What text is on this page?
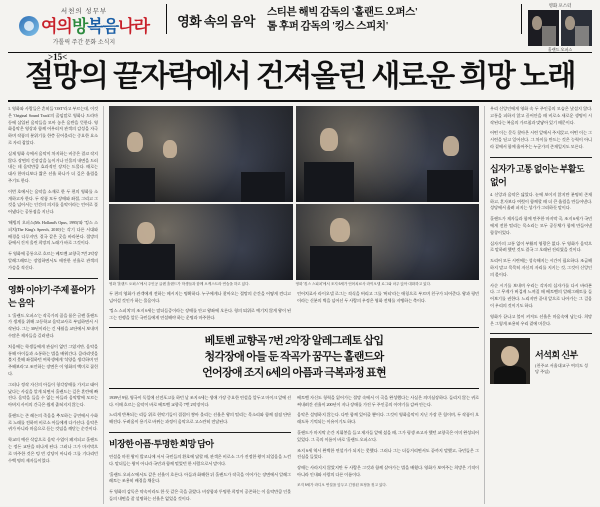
서천의 성무부
여의방복음나라
가톨릭 주간 문화 소식지
>15<
영화 속의 음악
스티븐 해빅 감독의 '홀랜드 오퍼스'
톰 후퍼 감독의 '킹스 스피치'
영화 포스터
홀랜드 오퍼스
절망의 끝자락에서 건져올린 새로운 희망 노래

1. 영화와 사람들은 흔히들 'OST'라고 부르는데, 이것은 'Original Sound Track'의 줄임말로 영화나 드라마 등에 삽입된 음악들을 모아 놓은 음반을 뜻한다. 영화음악은 영상과 함께 어우러져 관객의 감성을 자극하며 작품의 분위기를 한층 끌어올리는 중요한 요소로 자리 잡았다.

실제 영화 속에서 음악이 차지하는 비중은 결코 작지 않다. 장면의 긴장감을 높이거나 인물의 내면을 드러내는 데 음악만큼 효과적인 장치는 드물다. 때로는 대사 한마디보다 짧은 선율 하나가 더 깊은 울림을 주기도 한다.

이번 호에서는 음악을 소재로 한 두 편의 영화를 소개하고자 한다. 두 작품 모두 장애와 좌절, 그리고 그것을 넘어서는 인간의 의지를 음악이라는 언어로 풀어냈다는 공통점을 지닌다.

'해빙의 오퍼스(Mr. Holland's Opus, 1995)'와 '킹스 스피치(The King's Speech, 2010)'는 각기 다른 시대와 배경을 다루지만, 결국 같은 곳을 바라본다. 절망의 끝에서 건져 올린 희망의 노래가 바로 그것이다.

두 영화에 공통으로 흐르는 베토벤 교향곡 7번 2악장 알레그레토는 장엄하면서도 애잔한 선율로 관객의 가슴을 적신다.

영화 이야기·주제 풀어가는 음악

1. '홀랜드 오퍼스'는 작곡가의 꿈을 품은 글렌 홀랜드가 생계를 위해 고등학교 음악교사로 부임하면서 시작된다. 그는 30년이라는 긴 세월을 교단에서 보내며 수많은 제자들을 길러낸다.

처음에는 학생들에게 관심이 없던 그였지만, 음악을 통해 아이들과 소통하는 법을 배워간다. 클라리넷을 불지 못해 좌절하던 여학생에게 '석양을 생각하며 연주해보라'고 조언하는 장면은 이 영화의 백미로 꼽힌다.

그러나 정작 자신의 아들이 청각장애를 가지고 태어났다는 사실을 알게 되면서 홀랜드는 깊은 혼란에 빠진다. 음악을 들을 수 없는 아들과 음악밖에 모르는 아버지 사이의 간극은 쉽게 좁혀지지 않는다.

홀랜드는 존 레논의 죽음을 추모하는 공연에서 수화로 노래를 전하며 비로소 아들에게 다가선다. 음악은 귀가 아니라 마음으로 듣는 것임을 깨닫는 순간이다.

학교의 예산 삭감으로 음악 수업이 폐지되고 홀랜드는 정든 교단을 떠나게 된다. 그러나 그가 마지막으로 마주한 것은 텅 빈 강당이 아니라 그를 기다리던 수백 명의 제자들이었다.

영화 '홀랜드 오퍼스'에서 주인공 글렌 홀랜드가 학생들과 함께 오케스트라 연습을 하고 있다.	영화 '킹스 스피치'에서 조지 6세가 언어치료사 라이오넬 로그와 마주 앉아 대화하고 있다.

두 편의 영화가 관객에게 전하는 메시지는 명확하다. 누구에게나 찾아오는 절망의 순간을 어떻게 견디고 넘어설 것인가 하는 물음이다.

'킹스 스피치'의 조지 6세는 말더듬증이라는 장애를 안고 왕좌에 오른다. 형의 퇴위로 예기치 않게 왕이 된 그는 전쟁을 앞둔 국민들에게 연설해야 하는 운명과 마주한다.

언어치료사 라이오넬 로그는 격식을 버리고 그를 '버티'라는 애칭으로 부르며 친구가 되어준다. 왕과 평민이라는 신분의 벽을 넘어선 두 사람의 우정은 영화 전체를 지탱하는 축이다.

베토벤 교향곡 7번 2악장 알레그레토 삽입
청각장애 아들 둔 작곡가 꿈꾸는 홀랜드와
언어장애 조지 6세의 아픔과 극복과정 표현

1939년 9월, 영국이 독일에 선전포고를 하던 날 조지 6세는 생애 가장 중요한 연설을 앞두고 마이크 앞에 선다. 이때 흐르는 음악이 바로 베토벤 교향곡 7번 2악장이다.

느리게 반복되는 리듬 위로 현악기들이 겹겹이 쌓아 올리는 선율은 왕의 떨리는 목소리와 함께 점점 단단해진다. 두려움이 용기로 바뀌는 과정이 음악으로 고스란히 전달된다.

비장한 아픔·투명한 희망 담아

연설을 마친 왕이 발코니에 서서 국민들의 환호에 답할 때, 관객은 비로소 그가 진정한 왕이 되었음을 느낀다. 말더듬는 왕이 아니라 국민과 함께 떨었던 한 사람으로서 말이다.

'홀랜드 오퍼스'에서도 같은 선율이 흐른다. 아들과 화해한 뒤 홀랜드가 작곡을 이어가는 장면에서 알레그레토는 조용히 배경을 채운다.

두 영화의 감독은 약속이라도 한 듯 같은 곡을 골랐다. 비장함과 투명한 희망이 공존하는 이 음악만큼 인물들의 내면을 잘 설명하는 선율은 없었을 것이다.

베토벤 자신도 청력을 잃어가는 절망 속에서 이 곡을 완성했다는 사실은 의미심장하다. 들리지 않는 귀로 써내려간 선율이 200년이 지나 장애를 가진 두 주인공의 이야기를 감싸 안는다.

음악은 설명하지 않는다. 다만 함께 있어줄 뿐이다. 그것이 영화음악이 지닌 가장 큰 힘이며, 두 작품이 오래도록 기억되는 이유이기도 하다.

홀랜드가 마지막 순간 지휘봉을 들고 제자들 앞에 섰을 때, 그가 평생 쓰고자 했던 교향곡은 이미 완성되어 있었다. 그 곡의 이름이 바로 '홀랜드 오퍼스'다.

조지 6세 역시 완벽한 연설가가 되지는 못했다. 그러나 그는 더듬거리면서도 끝까지 말했고, 국민들은 그 진심을 들었다.

장애는 사라지지 않았지만 두 사람은 그것과 함께 살아가는 법을 배웠다. 영화가 보여주는 희망은 기적이 아니라 인내와 사랑의 다른 이름이다.

조지 6세가 라디오 연설을 앞두고 긴장된 표정을 짓고 있다.

우리 신앙인에게 영화 속 두 주인공의 모습은 낯설지 않다. 고통을 피하지 않고 끌어안을 때 비로소 새로운 생명이 시작된다는 복음의 가르침과 맞닿아 있기 때문이다.

어떤 이는 문득 찾아온 시련 앞에서 주저앉고, 어떤 이는 그 시련을 딛고 일어선다. 그 차이를 만드는 것은 능력이 아니라 곁에서 함께 울어주는 누군가의 존재일지도 모른다.

십자가 고통 없이는 부활도 없어

4. 신앙과 음악은 닮았다. 눈에 보이지 않지만 분명히 존재하고, 혼자보다 여럿이 함께할 때 더 큰 울림을 만들어낸다. 성당에서 울려 퍼지는 성가가 그러하듯 말이다.

홀랜드가 제자들과 함께 연주한 마지막 곡, 조지 6세가 국민에게 전한 떨리는 목소리는 모두 공동체가 함께 만들어낸 합창이었다.

십자가의 고통 없이 부활의 영광은 없다. 두 영화가 음악으로 말하려 했던 것도 결국 그 오래된 진리였을 것이다.

도리어 모든 시련에는 성숙해지는 시간이 필요하다. 조급해하지 말고 묵묵히 자신의 자리를 지키는 것, 그것이 신앙인의 몫이다.

사순 시기를 보내며 우리는 각자의 십자가를 다시 바라본다. 그 무게가 버겁게 느껴질 때 베토벤의 알레그레토를 들어보기를 권한다. 느리지만 끝내 앞으로 나아가는 그 걸음이 우리의 것이기도 하다.

영화가 끝나고 불이 켜져도 선율은 마음속에 남는다. 희망은 그렇게 조용히 우리 곁에 머문다.

서석희 신부
(천주교 서울대교구 여의도 성당 주임)
